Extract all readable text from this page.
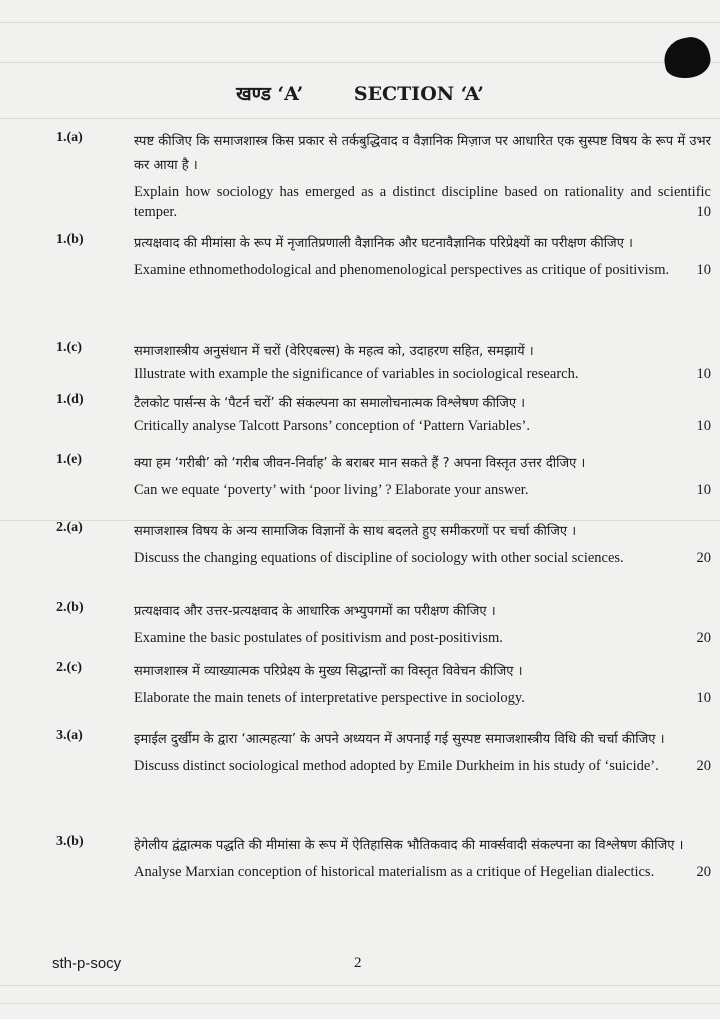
खण्ड ‘A’	SECTION ‘A’
1.(a)	स्पष्ट कीजिए कि समाजशास्त्र किस प्रकार से तर्कबुद्धिवाद व वैज्ञानिक मिज़ाज पर आधारित एक सुस्पष्ट विषय के रूप में उभर कर आया है ।
Explain how sociology has emerged as a distinct discipline based on rationality and scientific temper.	10
1.(b)	प्रत्यक्षवाद की मीमांसा के रूप में नृजातिप्रणाली वैज्ञानिक और घटनावैज्ञानिक परिप्रेक्ष्यों का परीक्षण कीजिए ।
Examine ethnomethodological and phenomenological perspectives as critique of positivism. 10
1.(c)	समाजशास्त्रीय अनुसंधान में चरों (वेरिएबल्स) के महत्व को, उदाहरण सहित, समझायें ।
Illustrate with example the significance of variables in sociological research.	10
1.(d)	टैलकोट पार्सन्स के ‘पैटर्न चरों’ की संकल्पना का समालोचनात्मक विश्लेषण कीजिए ।
Critically analyse Talcott Parsons’ conception of ‘Pattern Variables’.	10
1.(e)	क्या हम ‘गरीबी’ को ‘गरीब जीवन-निर्वाह’ के बराबर मान सकते हैं ? अपना विस्तृत उत्तर दीजिए ।
Can we equate ‘poverty’ with ‘poor living’ ? Elaborate your answer.	10
2.(a)	समाजशास्त्र विषय के अन्य सामाजिक विज्ञानों के साथ बदलते हुए समीकरणों पर चर्चा कीजिए ।
Discuss the changing equations of discipline of sociology with other social sciences.	20
2.(b)	प्रत्यक्षवाद और उत्तर-प्रत्यक्षवाद के आधारिक अभ्युपगमों का परीक्षण कीजिए ।
Examine the basic postulates of positivism and post-positivism.	20
2.(c)	समाजशास्त्र में व्याख्यात्मक परिप्रेक्ष्य के मुख्य सिद्धान्तों का विस्तृत विवेचन कीजिए ।
Elaborate the main tenets of interpretative perspective in sociology.	10
3.(a)	इमाईल दुर्खीम के द्वारा ‘आत्महत्या’ के अपने अध्ययन में अपनाई गई सुस्पष्ट समाजशास्त्रीय विधि की चर्चा कीजिए ।
Discuss distinct sociological method adopted by Emile Durkheim in his study of ‘suicide’.	20
3.(b)	हेगेलीय द्वंद्वात्मक पद्धति की मीमांसा के रूप में ऐतिहासिक भौतिकवाद की मार्क्सवादी संकल्पना का विश्लेषण कीजिए ।
Analyse Marxian conception of historical materialism as a critique of Hegelian dialectics.	20
sth-p-socy	2
